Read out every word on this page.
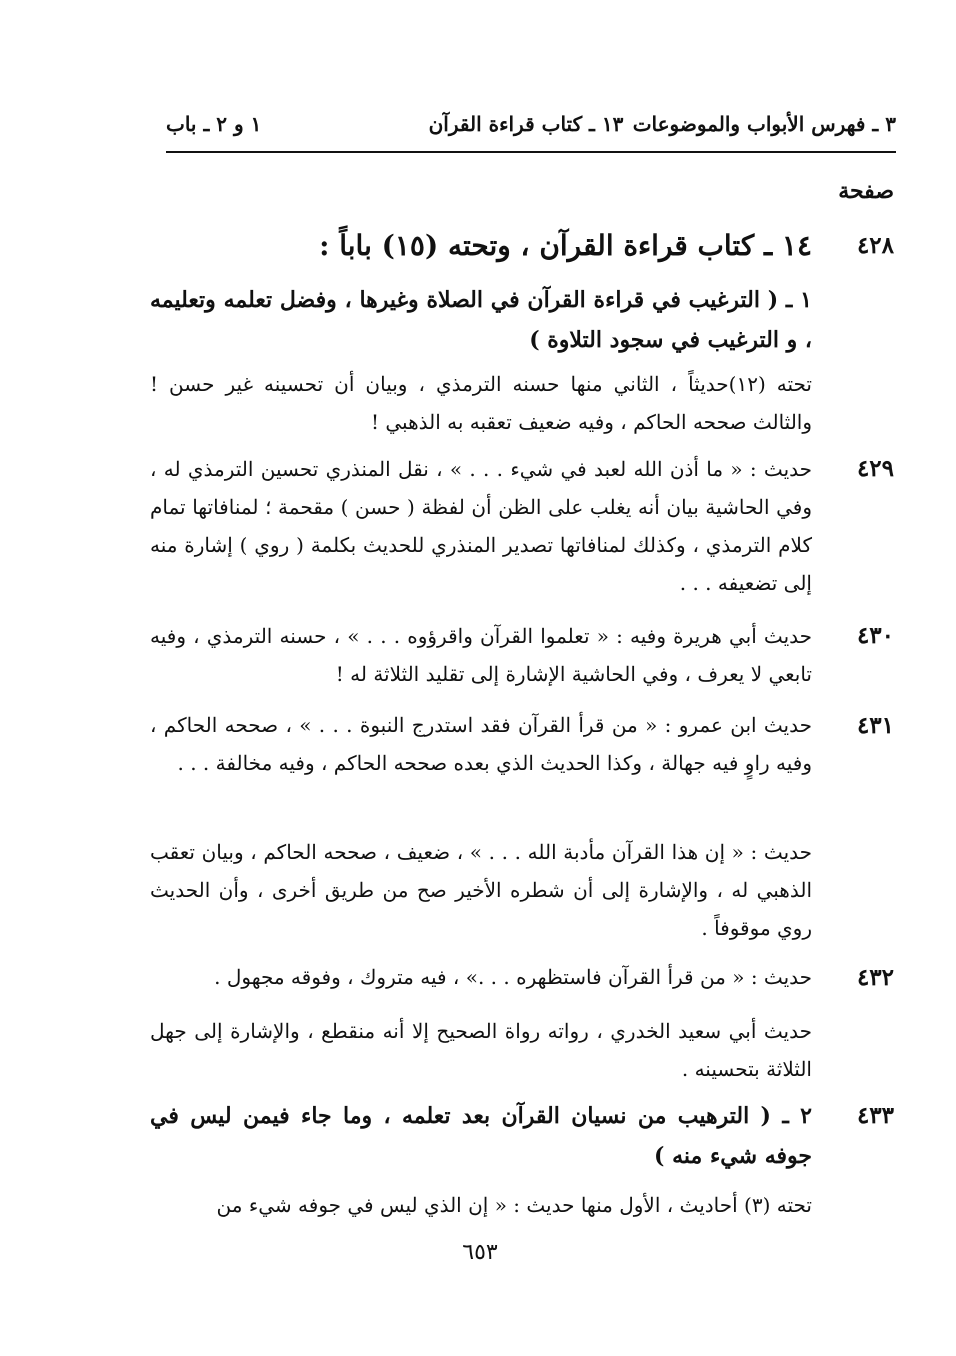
٣ ـ فهرس الأبواب والموضوعات
١٣ ـ كتاب قراءة القرآن
١ و ٢ ـ باب
صفحة
٤٢٨
١٤ ـ كتاب قراءة القرآن ، وتحته (١٥) باباً :
١ ـ ( الترغيب في قراءة القرآن في الصلاة وغيرها ، وفضل تعلمه وتعليمه ، و الترغيب في سجود التلاوة )
تحته (١٢)حديثاً ، الثاني منها حسنه الترمذي ، وبيان أن تحسينه غير حسن ! والثالث صححه الحاكم ، وفيه ضعيف تعقبه به الذهبي !
٤٢٩
حديث : « ما أذن الله لعبد في شيء . . . » ، نقل المنذري تحسين الترمذي له ، وفي الحاشية بيان أنه يغلب على الظن أن لفظة ( حسن ) مقحمة ؛ لمنافاتها تمام كلام الترمذي ، وكذلك لمنافاتها تصدير المنذري للحديث بكلمة ( روي ) إشارة منه إلى تضعيفه . . .
٤٣٠
حديث أبي هريرة وفيه : « تعلموا القرآن واقرؤوه . . . » ، حسنه الترمذي ، وفيه تابعي لا يعرف ، وفي الحاشية الإشارة إلى تقليد الثلاثة له !
٤٣١
حديث ابن عمرو : « من قرأ القرآن فقد استدرج النبوة . . . » ، صححه الحاكم ، وفيه راوٍ فيه جهالة ، وكذا الحديث الذي بعده صححه الحاكم ، وفيه مخالفة . . .
حديث : « إن هذا القرآن مأدبة الله . . . » ، ضعيف ، صححه الحاكم ، وبيان تعقب الذهبي له ، والإشارة إلى أن شطره الأخير صح من طريق أخرى ، وأن الحديث روي موقوفاً .
٤٣٢
حديث : « من قرأ القرآن فاستظهره . . .» ، فيه متروك ، وفوقه مجهول .
حديث أبي سعيد الخدري ، رواته رواة الصحيح إلا أنه منقطع ، والإشارة إلى جهل الثلاثة بتحسينه .
٤٣٣
٢ ـ ( الترهيب من نسيان القرآن بعد تعلمه ، وما جاء فيمن ليس في جوفه شيء منه )
تحته (٣) أحاديث ، الأول منها حديث : « إن الذي ليس في جوفه شيء من
٦٥٣
